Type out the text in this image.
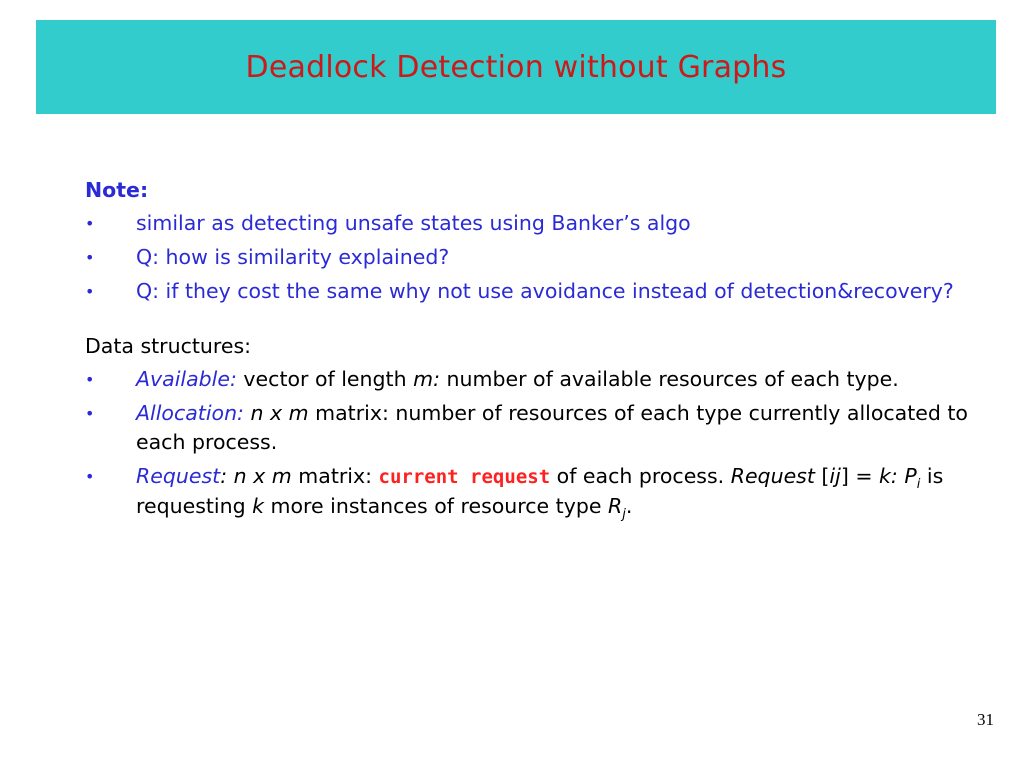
Deadlock Detection without Graphs

Note:

• similar as detecting unsafe states using Banker’s algo
• Q: how is similarity explained?
• Q: if they cost the same why not use avoidance instead of detection&recovery?

Data structures:

• Available: vector of length m: number of available resources of each type.
• Allocation: n x m matrix: number of resources of each type currently allocated to each process.
• Request: n x m matrix: current request of each process. Request [ij] = k: $P_i$ is requesting k more instances of resource type $R_j$.
31
